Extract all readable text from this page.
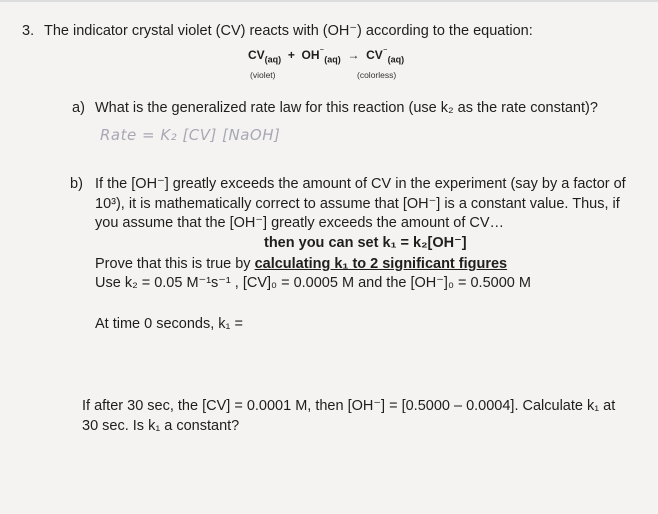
3. The indicator crystal violet (CV) reacts with (OH⁻) according to the equation:
$CV_{(aq)} + OH^{^-}_{(aq)} \to CV^{^-}_{(aq)}$
(violet)	(colorless)
a) What is the generalized rate law for this reaction (use k₂ as the rate constant)?
Rate = K₂ [CV] [NaOH]
b) If the [OH⁻] greatly exceeds the amount of CV in the experiment (say by a factor of
10³), it is mathematically correct to assume that [OH⁻] is a constant value. Thus, if
you assume that the [OH⁻] greatly exceeds the amount of CV…
then you can set k₁ = k₂[OH⁻]
Prove that this is true by calculating k₁ to 2 significant figures
Use k₂ = 0.05 M⁻¹s⁻¹ , [CV]₀ = 0.0005 M and the [OH⁻]₀ = 0.5000 M
At time 0 seconds, k₁ =
If after 30 sec, the [CV] = 0.0001 M, then [OH⁻] = [0.5000 – 0.0004]. Calculate k₁ at
30 sec. Is k₁ a constant?
